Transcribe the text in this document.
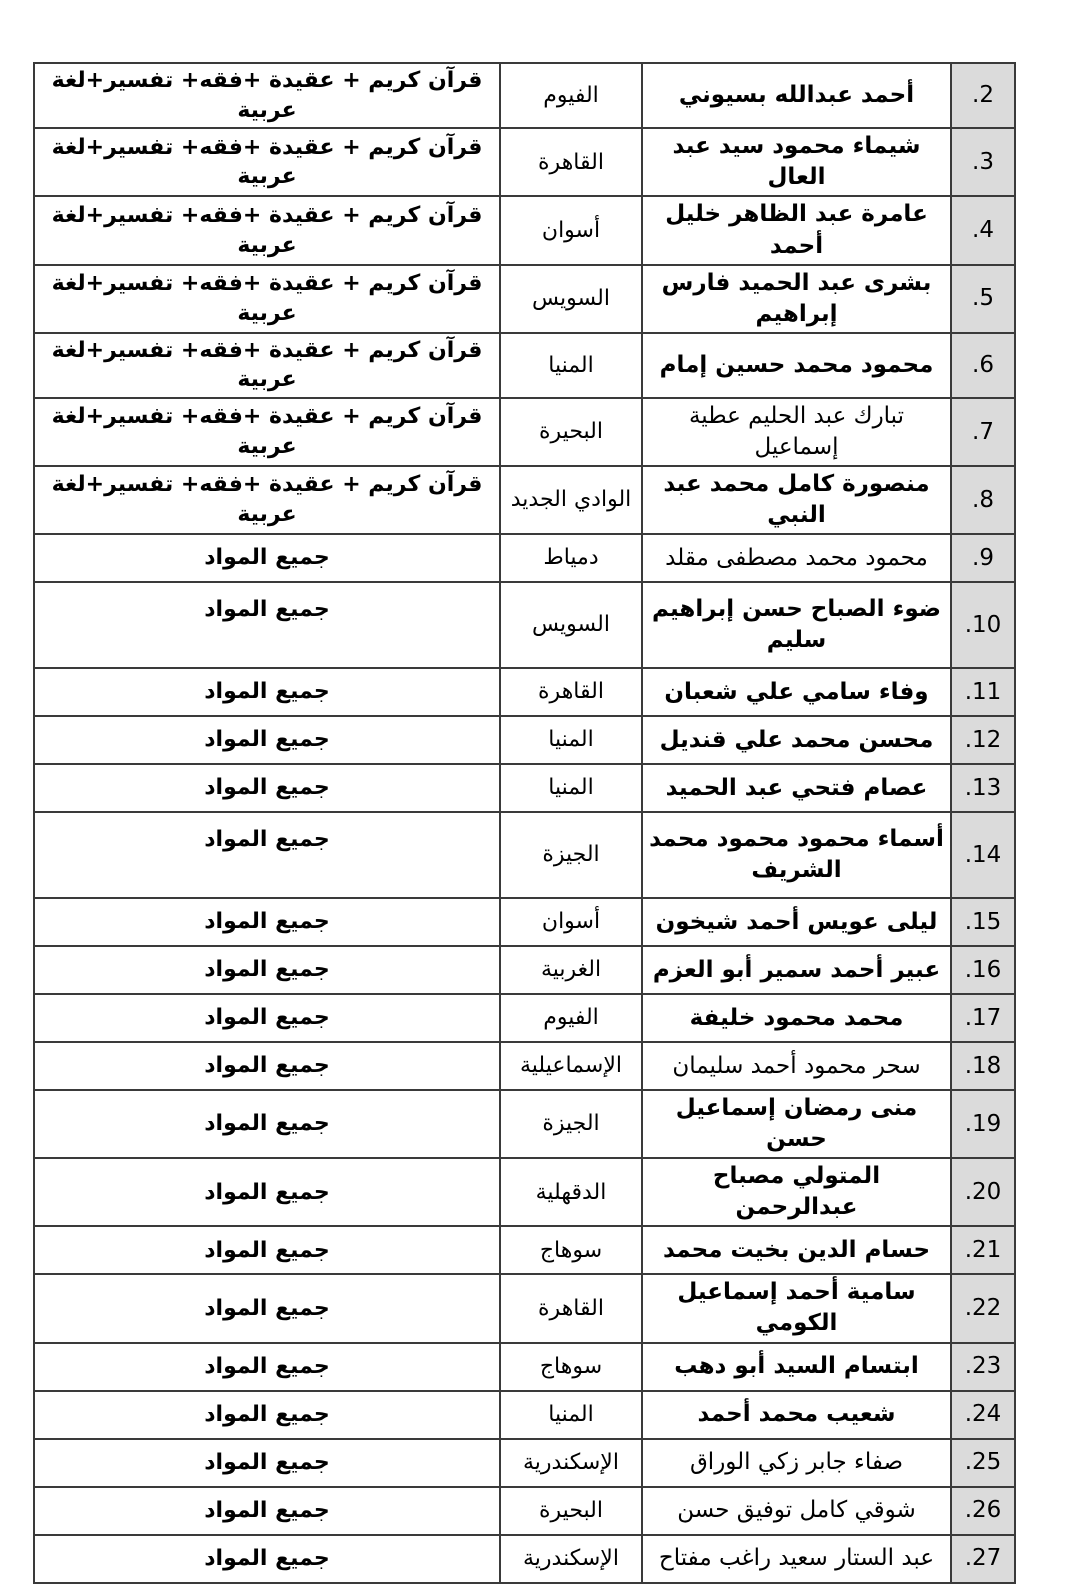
2.	أحمد عبدالله بسيوني	الفيوم	قرآن كريم + عقيدة +فقه+ تفسير+لغة عربية
3.	شيماء محمود سيد عبد العال	القاهرة	قرآن كريم + عقيدة +فقه+ تفسير+لغة عربية
4.	عامرة عبد الظاهر خليل أحمد	أسوان	قرآن كريم + عقيدة +فقه+ تفسير+لغة عربية
5.	بشرى عبد الحميد فارس إبراهيم	السويس	قرآن كريم + عقيدة +فقه+ تفسير+لغة عربية
6.	محمود محمد حسين إمام	المنيا	قرآن كريم + عقيدة +فقه+ تفسير+لغة عربية
7.	تبارك عبد الحليم عطية إسماعيل	البحيرة	قرآن كريم + عقيدة +فقه+ تفسير+لغة عربية
8.	منصورة كامل محمد عبد النبي	الوادي الجديد	قرآن كريم + عقيدة +فقه+ تفسير+لغة عربية
9.	محمود محمد مصطفى مقلد	دمياط	جميع المواد
10.	ضوء الصباح حسن إبراهيم سليم	السويس	جميع المواد
11.	وفاء سامي علي شعبان	القاهرة	جميع المواد
12.	محسن محمد علي قنديل	المنيا	جميع المواد
13.	عصام فتحي عبد الحميد	المنيا	جميع المواد
14.	أسماء محمود محمود محمد الشريف	الجيزة	جميع المواد
15.	ليلى عويس أحمد شيخون	أسوان	جميع المواد
16.	عبير أحمد سمير أبو العزم	الغربية	جميع المواد
17.	محمد محمود خليفة	الفيوم	جميع المواد
18.	سحر محمود أحمد سليمان	الإسماعيلية	جميع المواد
19.	منى رمضان إسماعيل حسن	الجيزة	جميع المواد
20.	المتولي مصباح عبدالرحمن	الدقهلية	جميع المواد
21.	حسام الدين بخيت محمد	سوهاج	جميع المواد
22.	سامية أحمد إسماعيل الكومي	القاهرة	جميع المواد
23.	ابتسام السيد أبو دهب	سوهاج	جميع المواد
24.	شعيب محمد أحمد	المنيا	جميع المواد
25.	صفاء جابر زكي الوراق	الإسكندرية	جميع المواد
26.	شوقي كامل توفيق حسن	البحيرة	جميع المواد
27.	عبد الستار سعيد راغب مفتاح	الإسكندرية	جميع المواد
